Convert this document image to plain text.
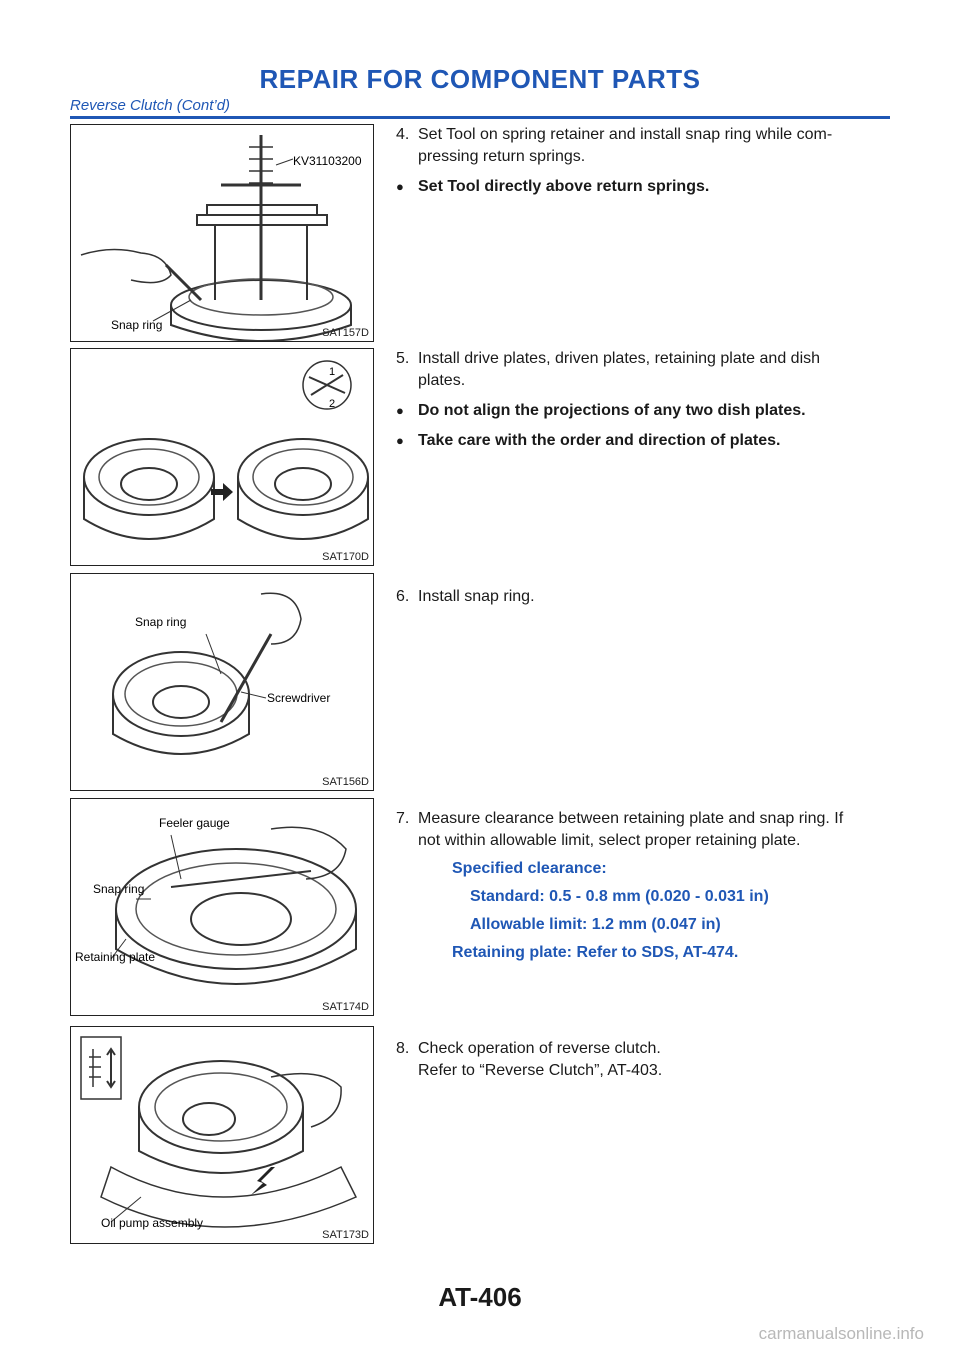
REPAIR FOR COMPONENT PARTS
Reverse Clutch (Cont’d)
KV31103200
Snap ring
SAT157D
1
2
SAT170D
Snap ring
Screwdriver
SAT156D
Feeler gauge
Snap ring
Retaining plate
SAT174D
Oil pump assembly
SAT173D
4. Set Tool on spring retainer and install snap ring while com-
pressing return springs.
● Set Tool directly above return springs.
5. Install drive plates, driven plates, retaining plate and dish
plates.
● Do not align the projections of any two dish plates.
● Take care with the order and direction of plates.
6. Install snap ring.
7. Measure clearance between retaining plate and snap ring. If
not within allowable limit, select proper retaining plate.
Specified clearance:
Standard: 0.5 - 0.8 mm (0.020 - 0.031 in)
Allowable limit: 1.2 mm (0.047 in)
Retaining plate: Refer to SDS, AT-474.
8. Check operation of reverse clutch.
Refer to “Reverse Clutch”, AT-403.
AT-406
carmanualsonline.info
